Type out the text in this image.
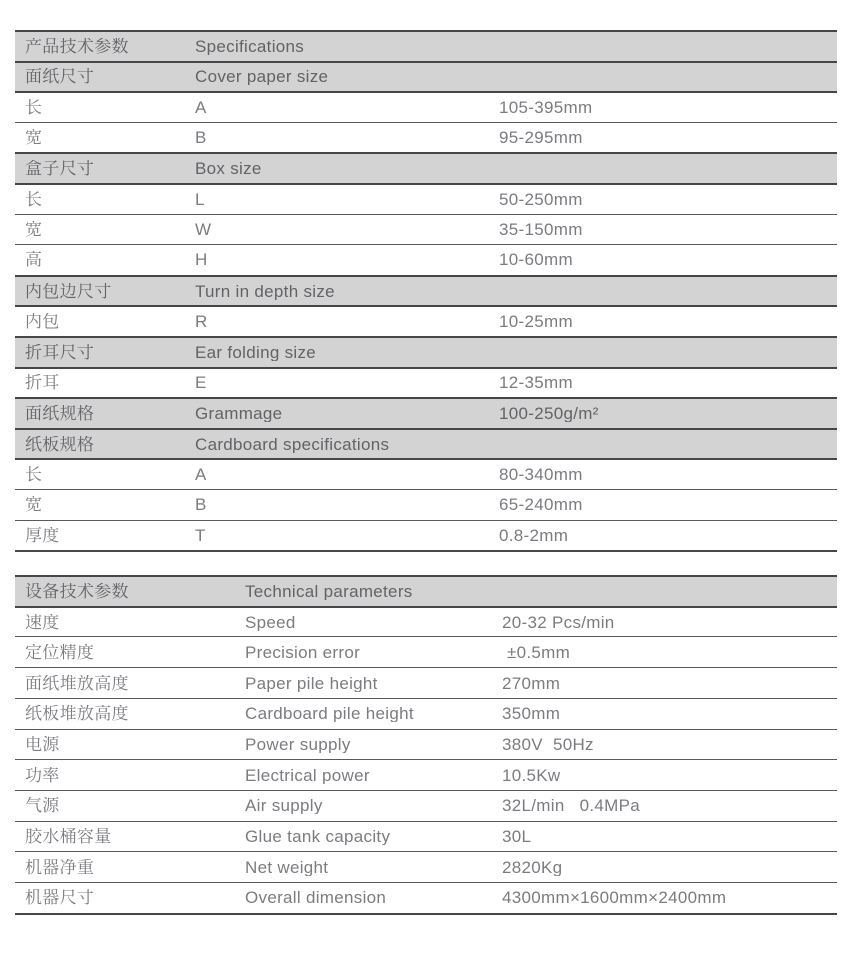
产品技术参数	Specifications
面纸尺寸	Cover paper size
长	A	105-395mm
宽	B	95-295mm
盒子尺寸	Box size
长	L	50-250mm
宽	W	35-150mm
高	H	10-60mm
内包边尺寸	Turn in depth size
内包	R	10-25mm
折耳尺寸	Ear folding size
折耳	E	12-35mm
面纸规格	Grammage	100-250g/m²
纸板规格	Cardboard specifications
长	A	80-340mm
宽	B	65-240mm
厚度	T	0.8-2mm
设备技术参数	Technical parameters
速度	Speed	20-32 Pcs/min
定位精度	Precision error	±0.5mm
面纸堆放高度	Paper pile height	270mm
纸板堆放高度	Cardboard pile height	350mm
电源	Power supply	380V  50Hz
功率	Electrical power	10.5Kw
气源	Air supply	32L/min   0.4MPa
胶水桶容量	Glue tank capacity	30L
机器净重	Net weight	2820Kg
机器尺寸	Overall dimension	4300mm×1600mm×2400mm
